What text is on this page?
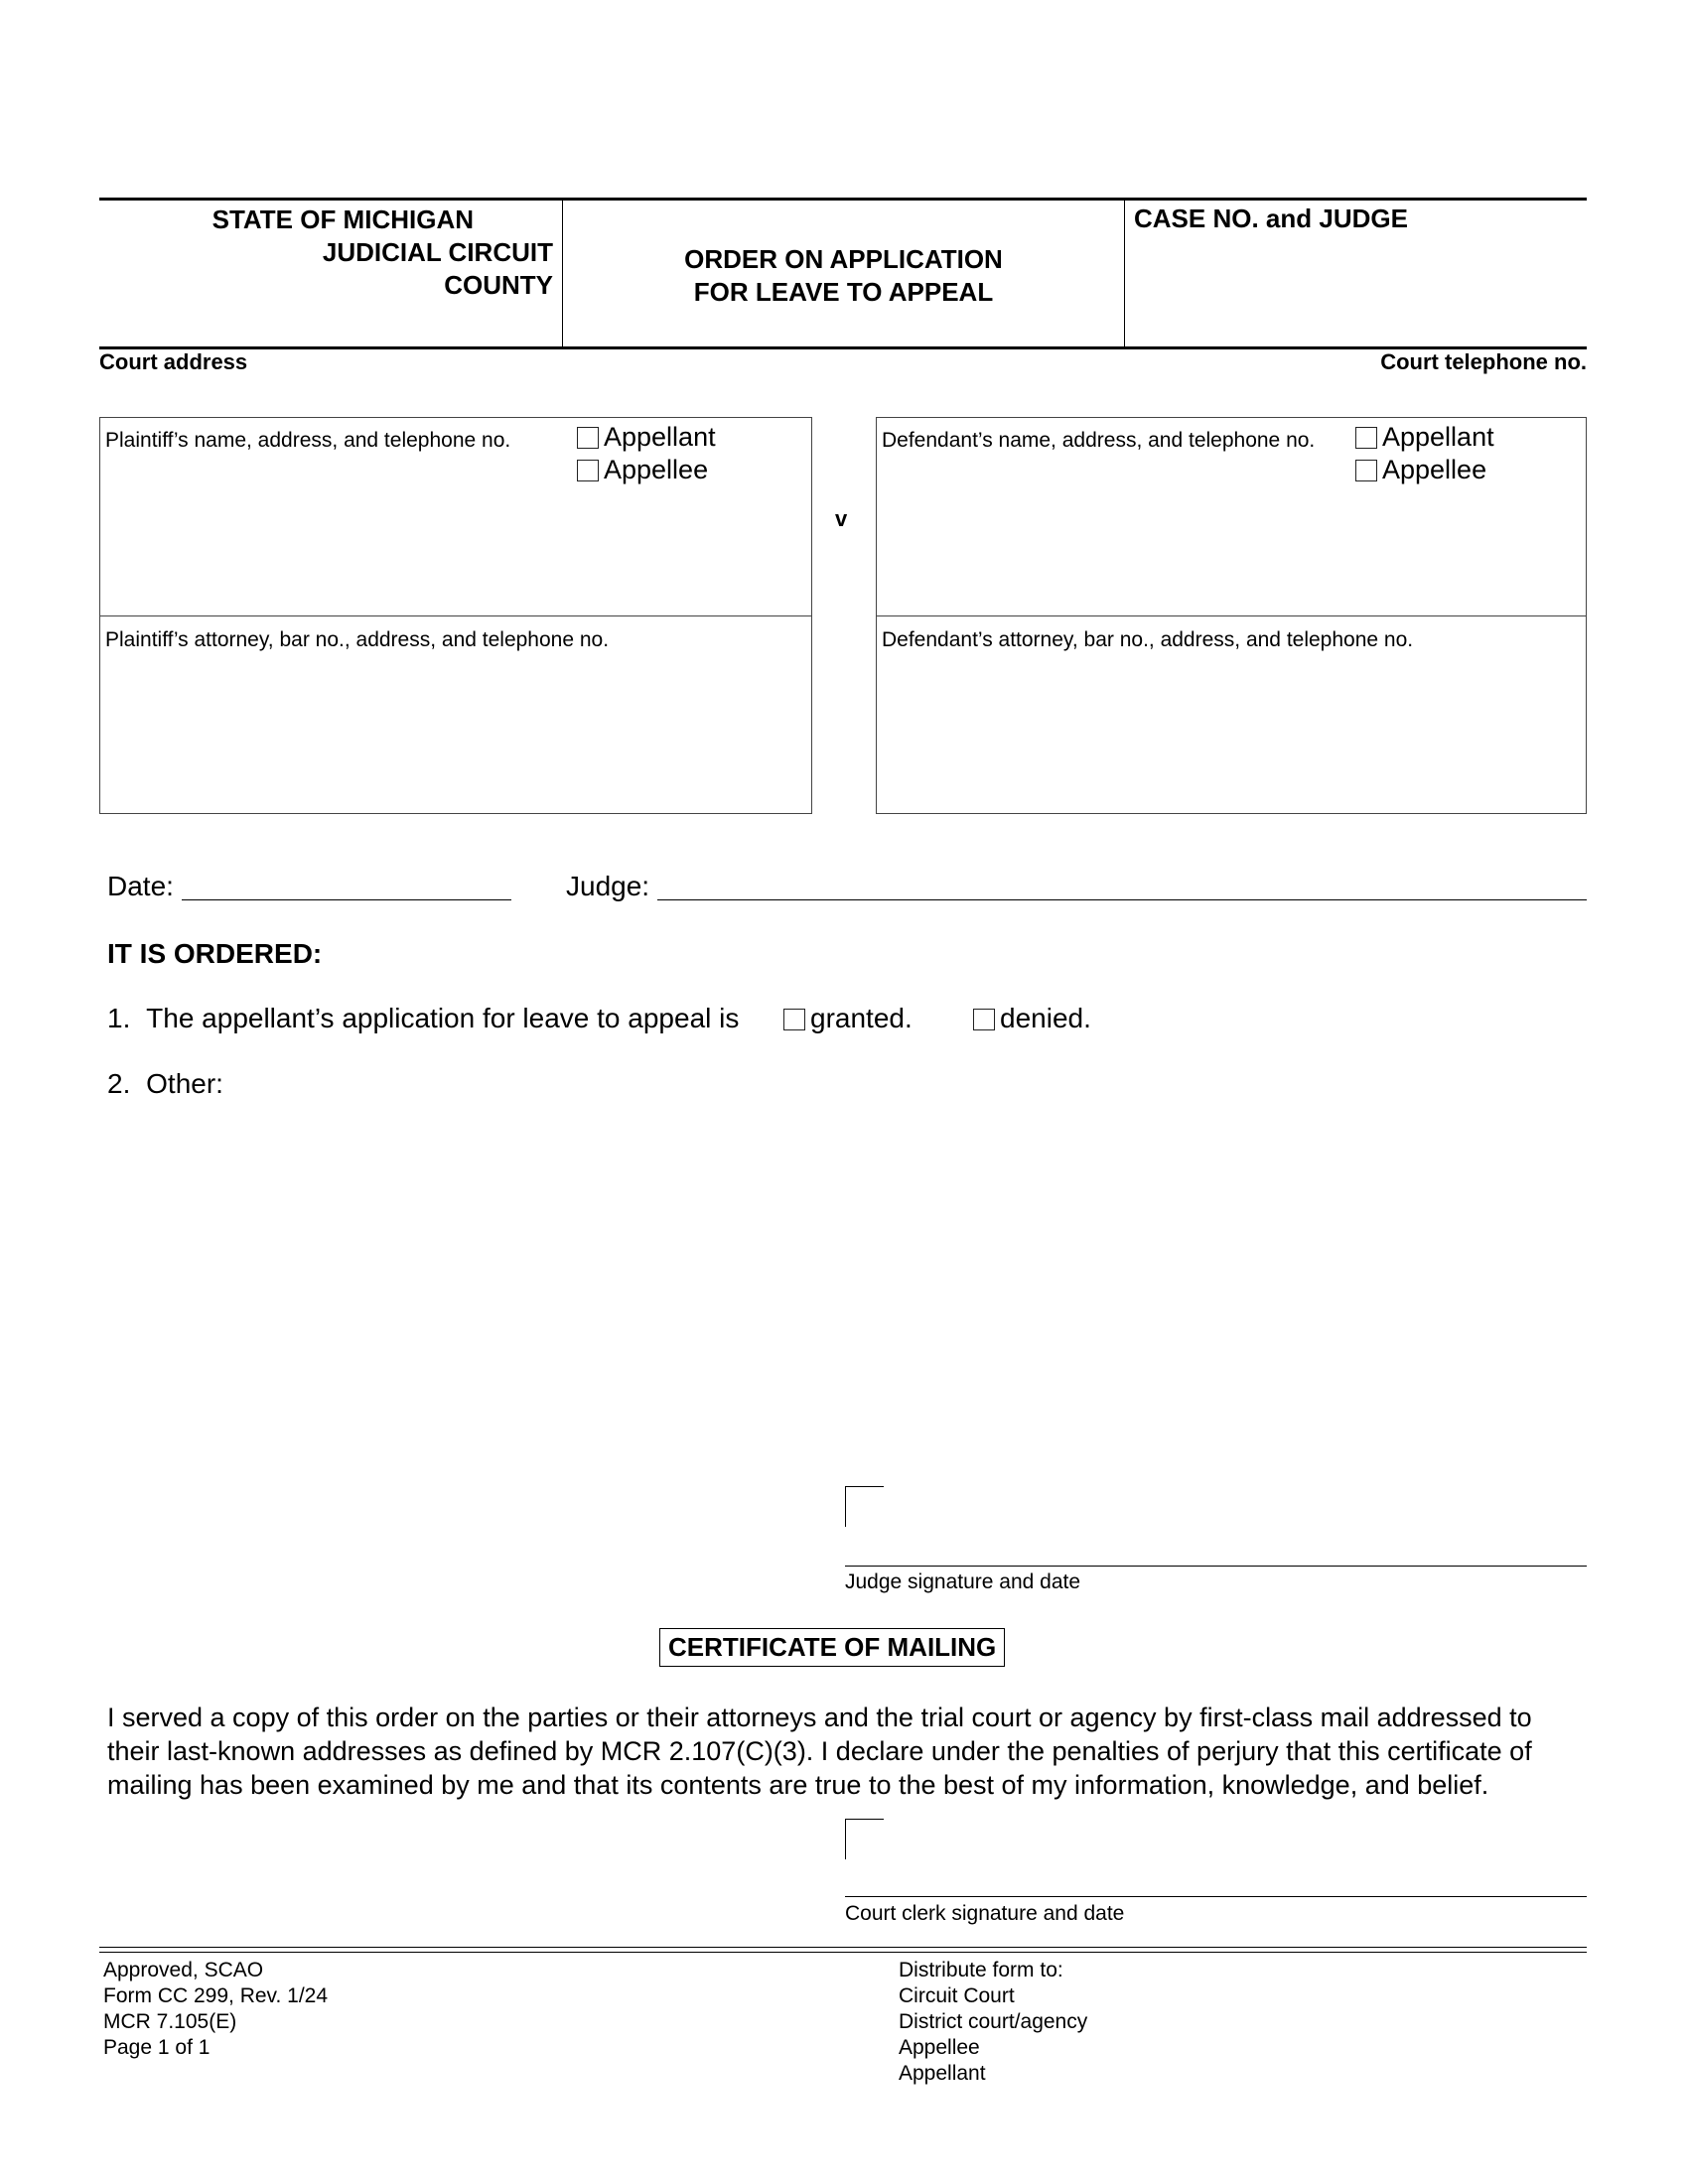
STATE OF MICHIGAN
JUDICIAL CIRCUIT
COUNTY
ORDER ON APPLICATION
FOR LEAVE TO APPEAL
CASE NO. and JUDGE
Court address	Court telephone no.
Plaintiff’s name, address, and telephone no.	Appellant
Appellee
Plaintiff’s attorney, bar no., address, and telephone no.
v
Defendant’s name, address, and telephone no.	Appellant
Appellee
Defendant’s attorney, bar no., address, and telephone no.
Date:	Judge:
IT IS ORDERED:
1. The appellant’s application for leave to appeal is	granted.	denied.
2. Other:
Judge signature and date
CERTIFICATE OF MAILING
I served a copy of this order on the parties or their attorneys and the trial court or agency by first-class mail addressed to
their last-known addresses as defined by MCR 2.107(C)(3). I declare under the penalties of perjury that this certificate of
mailing has been examined by me and that its contents are true to the best of my information, knowledge, and belief.
Court clerk signature and date
Approved, SCAO
Form CC 299, Rev. 1/24
MCR 7.105(E)
Page 1 of 1
Distribute form to:
Circuit Court
District court/agency
Appellee
Appellant
